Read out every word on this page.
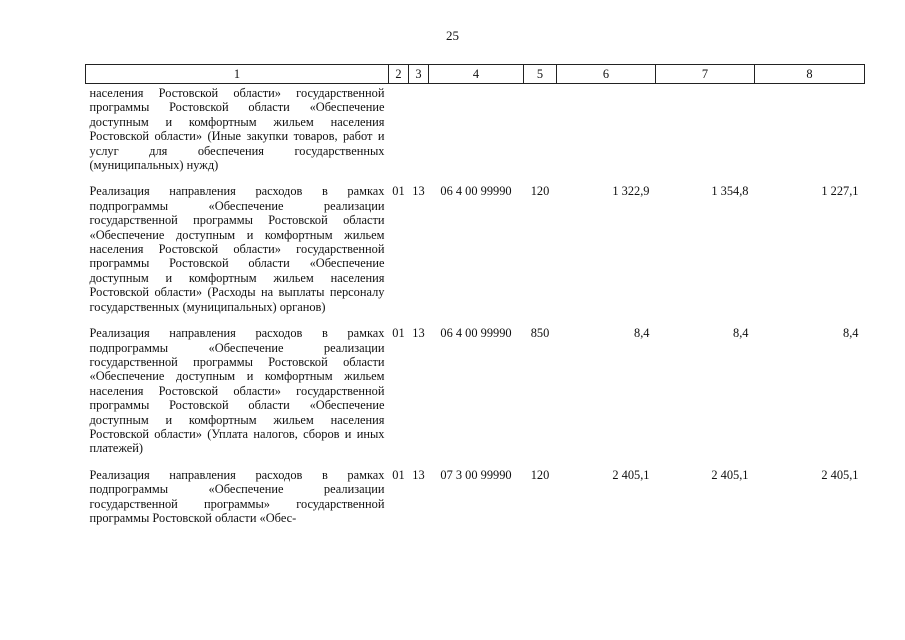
25
1	2	3	4	5	6	7	8
населения Ростовской области» государственной программы Ростовской области «Обеспечение доступным и комфортным жильем населения Ростовской области» (Иные закупки товаров, работ и услуг для обеспечения государственных (муниципальных) нужд)							
Реализация направления расходов в рамках подпрограммы «Обеспечение реализации государственной программы Ростовской области «Обеспечение доступным и комфортным жильем населения Ростовской области» государственной программы Ростовской области «Обеспечение доступным и комфортным жильем населения Ростовской области» (Расходы на выплаты персоналу государственных (муниципальных) органов)	01	13	06 4 00 99990	120	1 322,9	1 354,8	1 227,1
Реализация направления расходов в рамках подпрограммы «Обеспечение реализации государственной программы Ростовской области «Обеспечение доступным и комфортным жильем населения Ростовской области» государственной программы Ростовской области «Обеспечение доступным и комфортным жильем населения Ростовской области» (Уплата налогов, сборов и иных платежей)	01	13	06 4 00 99990	850	8,4	8,4	8,4
Реализация направления расходов в рамках подпрограммы «Обеспечение реализации государственной программы» государственной программы Ростовской области «Обес-	01	13	07 3 00 99990	120	2 405,1	2 405,1	2 405,1
